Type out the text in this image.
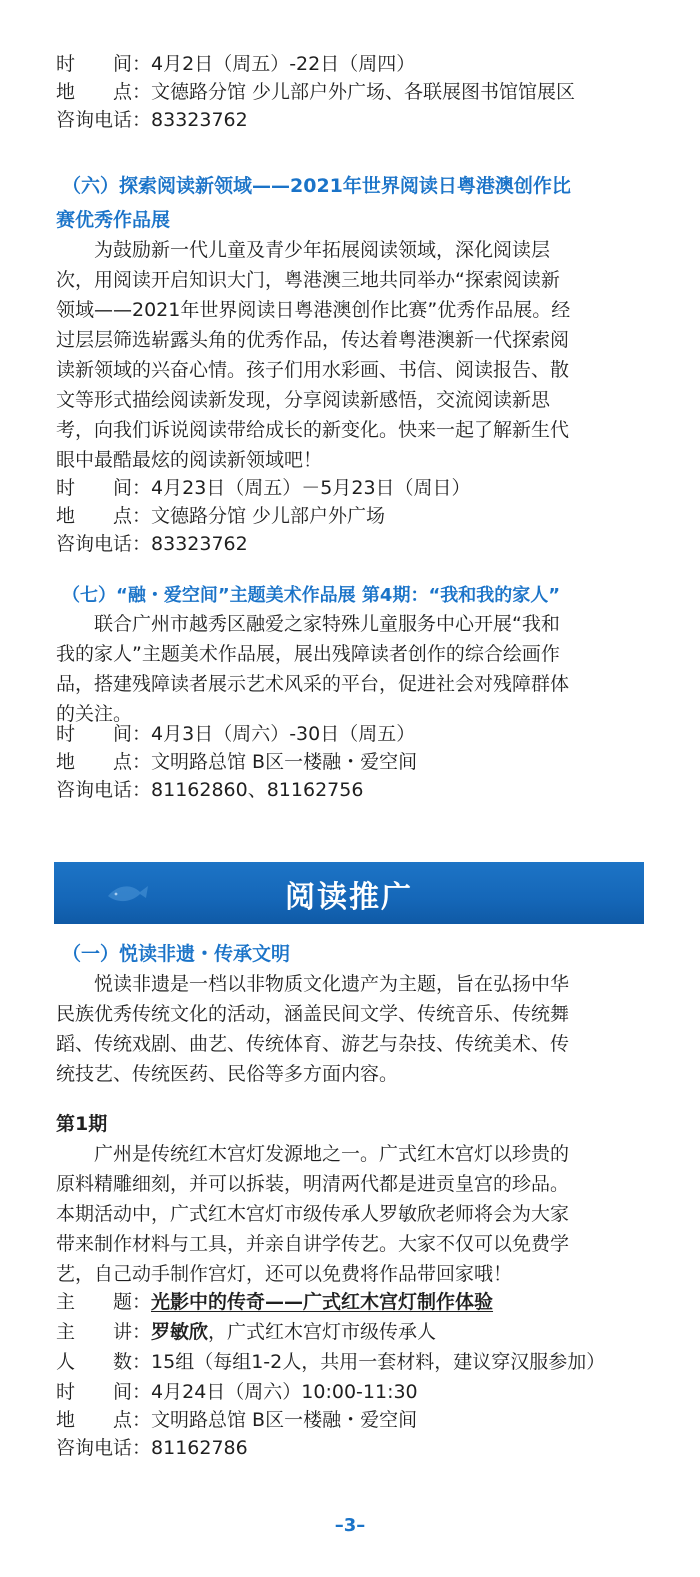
时　　间：4月2日（周五）-22日（周四）
地　　点：文德路分馆 少儿部户外广场、各联展图书馆馆展区
咨询电话：83323762
（六）探索阅读新领域——2021年世界阅读日粤港澳创作比
赛优秀作品展
为鼓励新一代儿童及青少年拓展阅读领域，深化阅读层
次，用阅读开启知识大门，粤港澳三地共同举办“探索阅读新
领域——2021年世界阅读日粤港澳创作比赛”优秀作品展。经
过层层筛选崭露头角的优秀作品，传达着粤港澳新一代探索阅
读新领域的兴奋心情。孩子们用水彩画、书信、阅读报告、散
文等形式描绘阅读新发现，分享阅读新感悟，交流阅读新思
考，向我们诉说阅读带给成长的新变化。快来一起了解新生代
眼中最酷最炫的阅读新领域吧！
时　　间：4月23日（周五）－5月23日（周日）
地　　点：文德路分馆 少儿部户外广场
咨询电话：83323762
（七）“融・爱空间”主题美术作品展 第4期：“我和我的家人”
联合广州市越秀区融爱之家特殊儿童服务中心开展“我和
我的家人”主题美术作品展，展出残障读者创作的综合绘画作
品，搭建残障读者展示艺术风采的平台，促进社会对残障群体
的关注。
时　　间：4月3日（周六）-30日（周五）
地　　点：文明路总馆 B区一楼融・爱空间
咨询电话：81162860、81162756
阅读推广
（一）悦读非遗・传承文明
悦读非遗是一档以非物质文化遗产为主题，旨在弘扬中华
民族优秀传统文化的活动，涵盖民间文学、传统音乐、传统舞
蹈、传统戏剧、曲艺、传统体育、游艺与杂技、传统美术、传
统技艺、传统医药、民俗等多方面内容。
第1期
广州是传统红木宫灯发源地之一。广式红木宫灯以珍贵的
原料精雕细刻，并可以拆装，明清两代都是进贡皇宫的珍品。
本期活动中，广式红木宫灯市级传承人罗敏欣老师将会为大家
带来制作材料与工具，并亲自讲学传艺。大家不仅可以免费学
艺，自己动手制作宫灯，还可以免费将作品带回家哦！
主　　题：光影中的传奇——广式红木宫灯制作体验
主　　讲：罗敏欣，广式红木宫灯市级传承人
人　　数：15组（每组1-2人，共用一套材料，建议穿汉服参加）
时　　间：4月24日（周六）10:00-11:30
地　　点：文明路总馆 B区一楼融・爱空间
咨询电话：81162786
–3–
